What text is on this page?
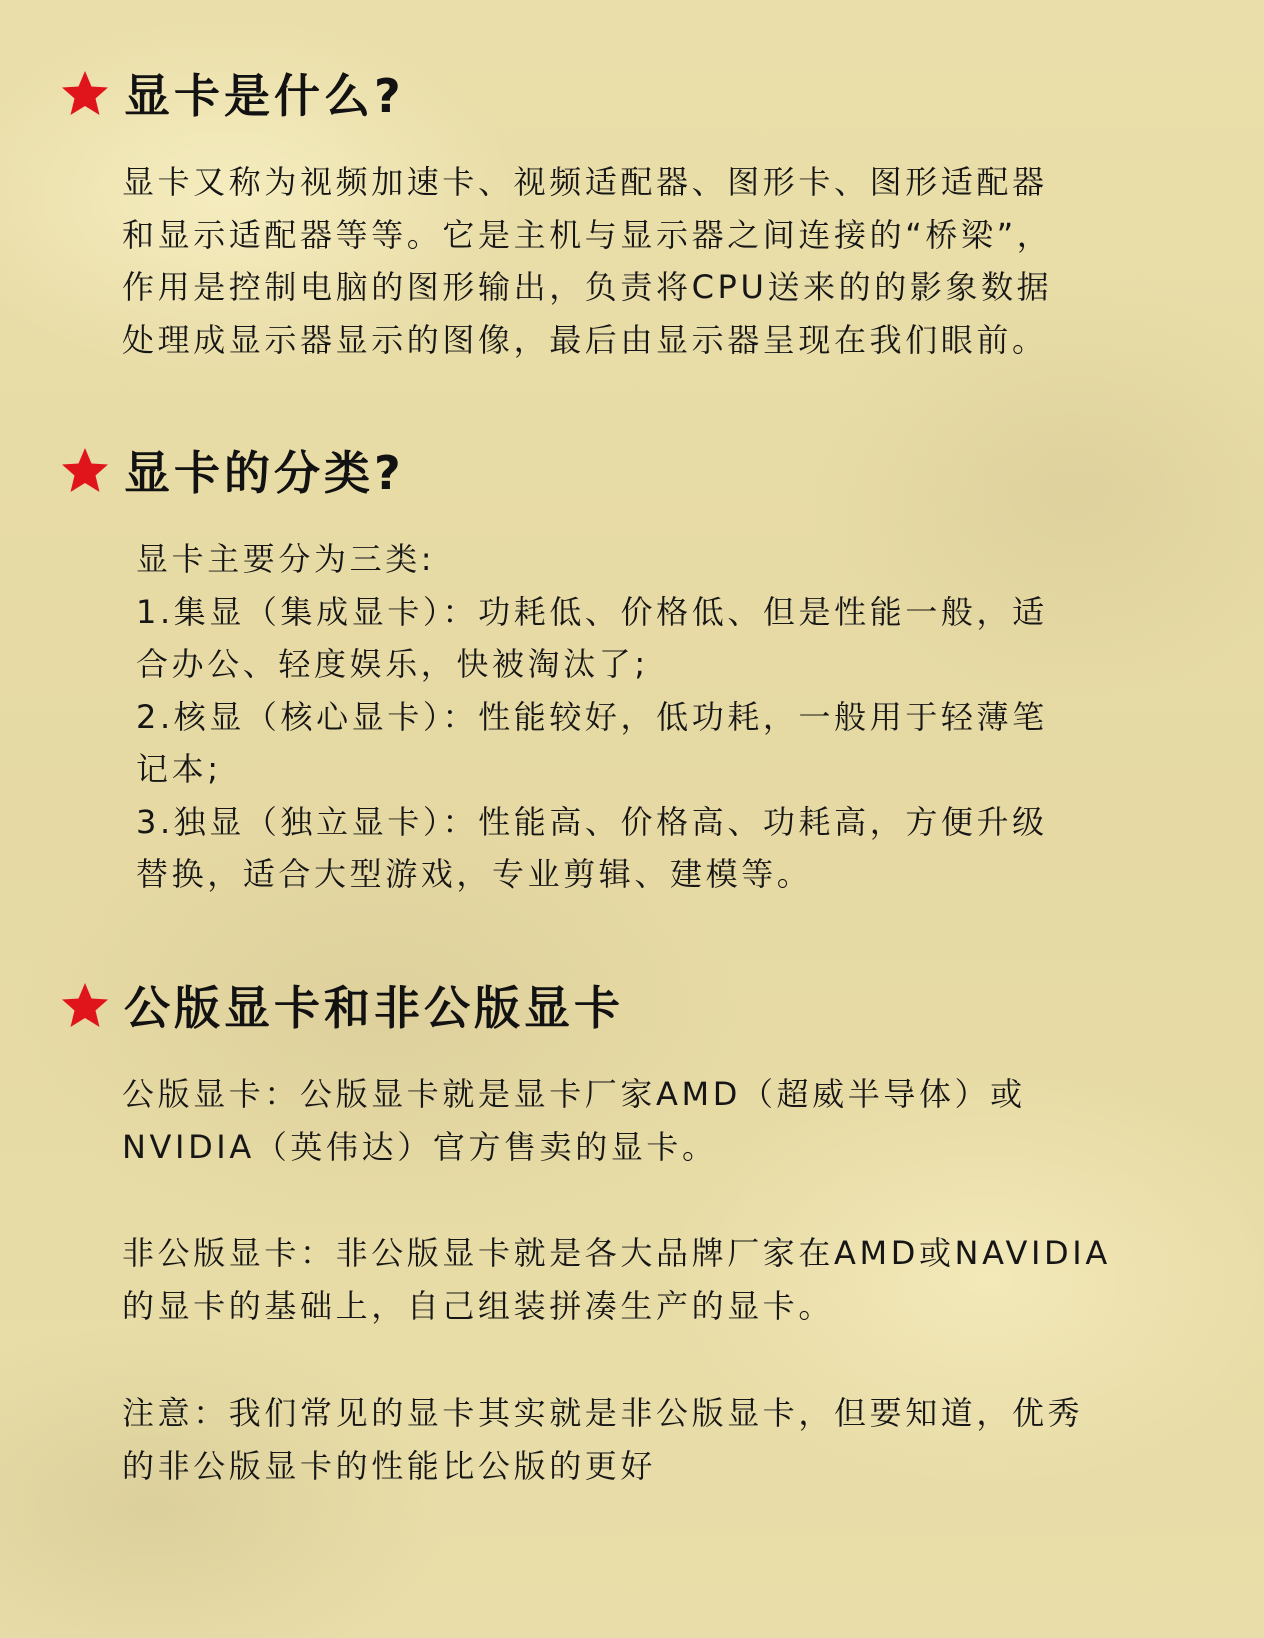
显卡是什么?
显卡又称为视频加速卡、视频适配器、图形卡、图形适配器
和显示适配器等等。它是主机与显示器之间连接的“桥梁”，
作用是控制电脑的图形输出，负责将CPU送来的的影象数据
处理成显示器显示的图像，最后由显示器呈现在我们眼前。
显卡的分类?
显卡主要分为三类:
1.集显（集成显卡）：功耗低、价格低、但是性能一般，适
合办公、轻度娱乐，快被淘汰了;
2.核显（核心显卡）：性能较好，低功耗，一般用于轻薄笔
记本;
3.独显（独立显卡）：性能高、价格高、功耗高，方便升级
替换，适合大型游戏，专业剪辑、建模等。
公版显卡和非公版显卡
公版显卡：公版显卡就是显卡厂家AMD（超威半导体）或
NVIDIA（英伟达）官方售卖的显卡。
非公版显卡：非公版显卡就是各大品牌厂家在AMD或NAVIDIA
的显卡的基础上，自己组装拼凑生产的显卡。
注意：我们常见的显卡其实就是非公版显卡，但要知道，优秀
的非公版显卡的性能比公版的更好
